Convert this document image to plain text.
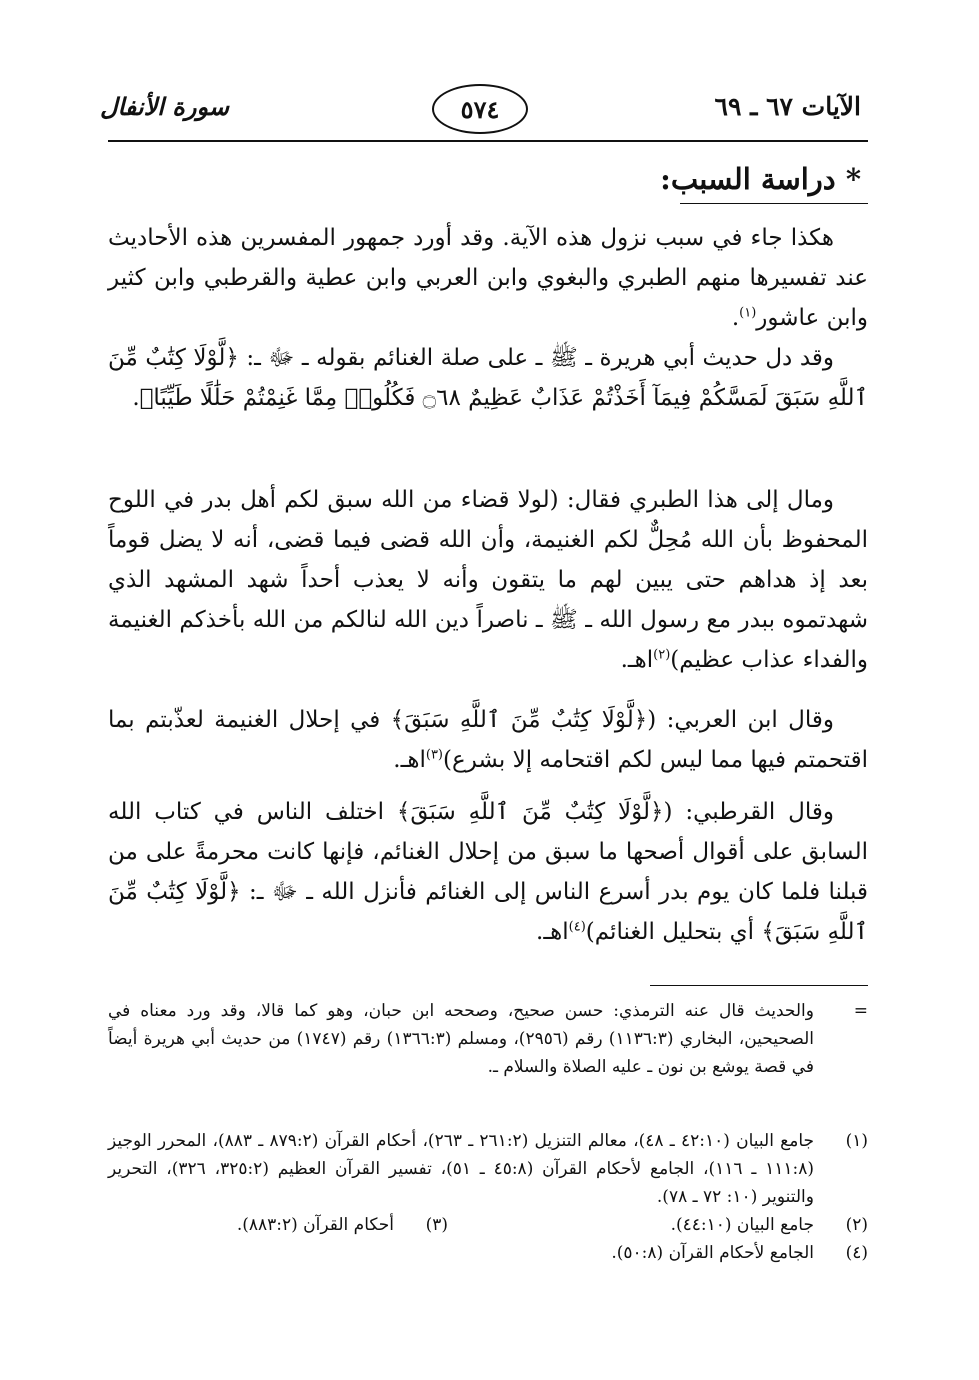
الآيات ٦٧ ـ ٦٩
٥٧٤
سورة الأنفال
* دراسة السبب:

هكذا جاء في سبب نزول هذه الآية. وقد أورد جمهور المفسرين هذه الأحاديث عند تفسيرها منهم الطبري والبغوي وابن العربي وابن عطية والقرطبي وابن كثير وابن عاشور$^{(١)}$.

وقد دل حديث أبي هريرة ـ ﷺ ـ على صلة الغنائم بقوله ـ ﷻ ـ: ﴿لَّوْلَا كِتَٰبٌ مِّنَ ٱللَّهِ سَبَقَ لَمَسَّكُمْ فِيمَآ أَخَذْتُمْ عَذَابٌ عَظِيمٌ ۝٦٨ فَكُلُوا۟ مِمَّا غَنِمْتُمْ حَلَٰلًا طَيِّبًا﴾.

ومال إلى هذا الطبري فقال: (لولا قضاء من الله سبق لكم أهل بدر في اللوح المحفوظ بأن الله مُحِلٌّ لكم الغنيمة، وأن الله قضى فيما قضى، أنه لا يضل قوماً بعد إذ هداهم حتى يبين لهم ما يتقون وأنه لا يعذب أحداً شهد المشهد الذي شهدتموه ببدر مع رسول الله ـ ﷺ ـ ناصراً دين الله لنالكم من الله بأخذكم الغنيمة والفداء عذاب عظيم)$^{(٢)}$اهـ.

وقال ابن العربي: (﴿لَّوْلَا كِتَٰبٌ مِّنَ ٱللَّهِ سَبَقَ﴾ في إحلال الغنيمة لعذّبتم بما اقتحمتم فيها مما ليس لكم اقتحامه إلا بشرع)$^{(٣)}$اهـ.

وقال القرطبي: (﴿لَّوْلَا كِتَٰبٌ مِّنَ ٱللَّهِ سَبَقَ﴾ اختلف الناس في كتاب الله السابق على أقوال أصحها ما سبق من إحلال الغنائم، فإنها كانت محرمةً على من قبلنا فلما كان يوم بدر أسرع الناس إلى الغنائم فأنزل الله ـ ﷻ ـ: ﴿لَّوْلَا كِتَٰبٌ مِّنَ ٱللَّهِ سَبَقَ﴾ أي بتحليل الغنائم)$^{(٤)}$اهـ.

=
والحديث قال عنه الترمذي: حسن صحيح، وصححه ابن حبان، وهو كما قالا، وقد ورد معناه في الصحيحين، البخاري (١١٣٦:٣) رقم (٢٩٥٦)، ومسلم (١٣٦٦:٣) رقم (١٧٤٧) من حديث أبي هريرة أيضاً في قصة يوشع بن نون ـ عليه الصلاة والسلام ـ.
(١)
جامع البيان (٤٢:١٠ ـ ٤٨)، معالم التنزيل (٢٦١:٢ ـ ٢٦٣)، أحكام القرآن (٨٧٩:٢ ـ ٨٨٣)، المحرر الوجيز (١١١:٨ ـ ١١٦)، الجامع لأحكام القرآن (٤٥:٨ ـ ٥١)، تفسير القرآن العظيم (٣٢٥:٢، ٣٢٦)، التحرير والتنوير (١٠: ٧٢ ـ ٧٨).
(٢)
جامع البيان (٤٤:١٠).
(٣)
أحكام القرآن (٨٨٣:٢).
(٤)
الجامع لأحكام القرآن (٥٠:٨).
